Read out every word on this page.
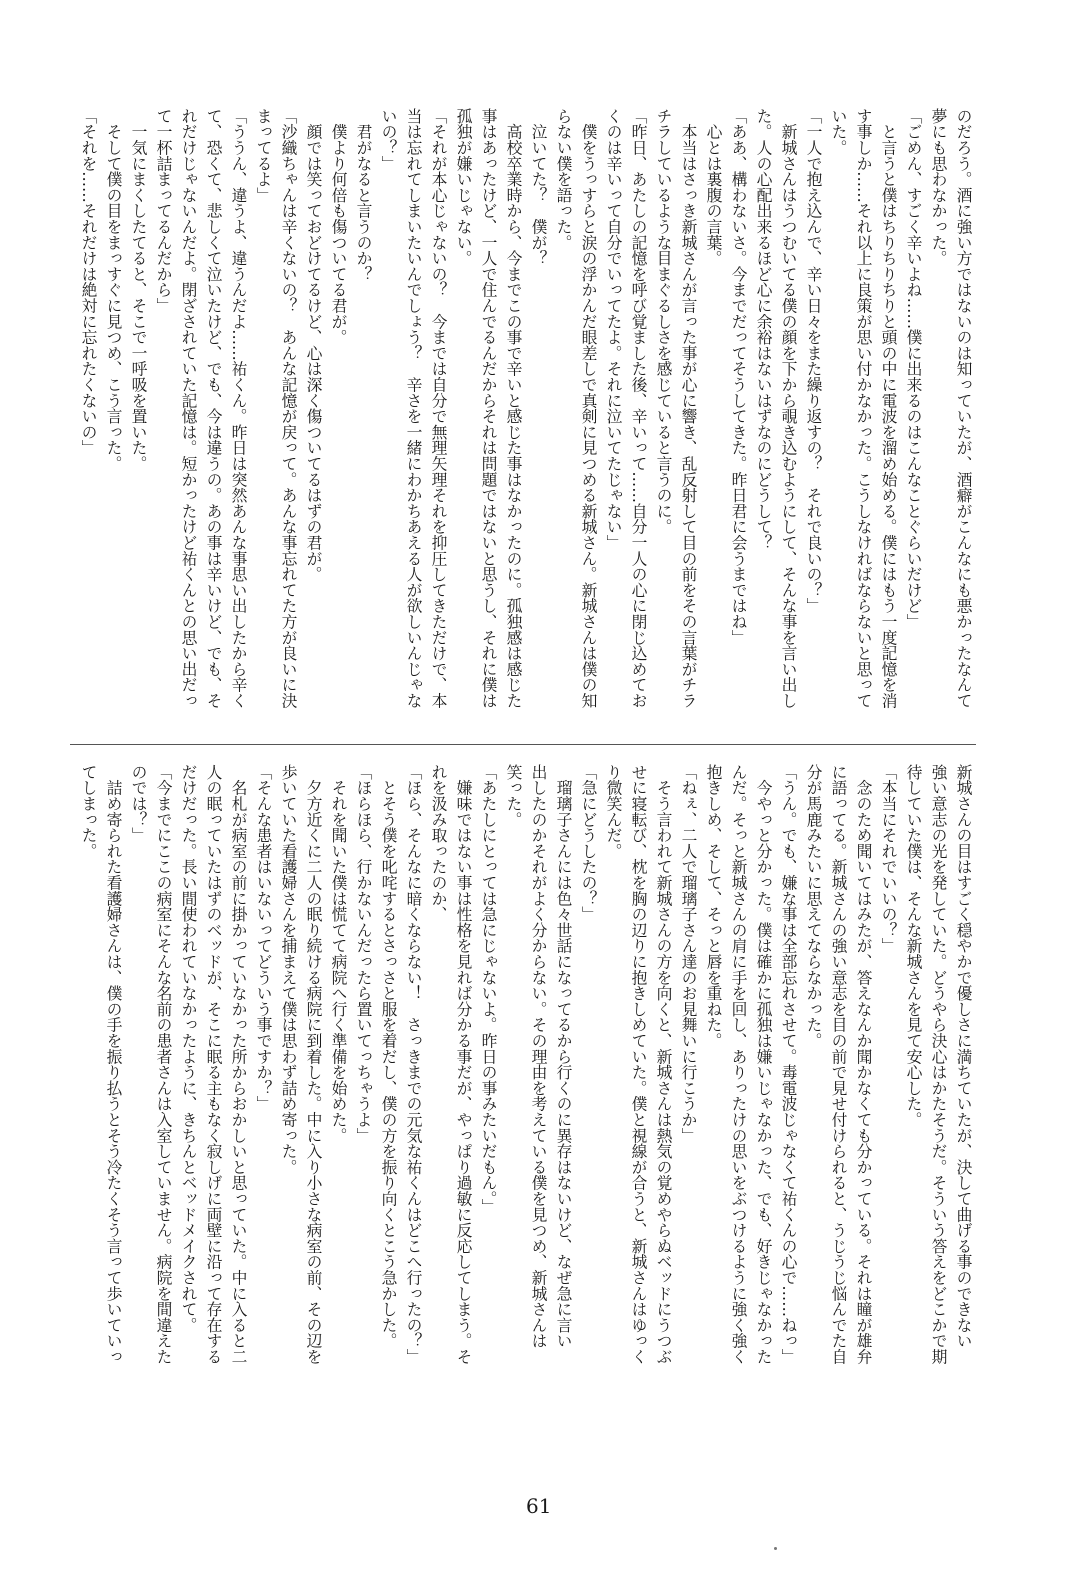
のだろう。酒に強い方ではないのは知っていたが、酒癖がこんなにも悪かったなんて
夢にも思わなかった。
「ごめん、すごく辛いよね……僕に出来るのはこんなことぐらいだけど」
　と言うと僕はちりちりちりと頭の中に電波を溜め始める。僕にはもう一度記憶を消
す事しか……それ以上に良策が思い付かなかった。こうしなければならないと思って
いた。
「一人で抱え込んで、辛い日々をまた繰り返すの？　それで良いの？」
　新城さんはうつむいてる僕の顔を下から覗き込むようにして、そんな事を言い出し
た。人の心配出来るほど心に余裕はないはずなのにどうして？
「ああ、構わないさ。今までだってそうしてきた。昨日君に会うまではね」
　心とは裏腹の言葉。
　本当はさっき新城さんが言った事が心に響き、乱反射して目の前をその言葉がチラ
チラしているような目まぐるしさを感じていると言うのに。
「昨日、あたしの記憶を呼び覚ました後、辛いって……自分一人の心に閉じ込めてお
くのは辛いって自分でいってたよ。それに泣いてたじゃない」
　僕をうっすらと涙の浮かんだ眼差しで真剣に見つめる新城さん。新城さんは僕の知
らない僕を語った。
　泣いてた？　僕が？
　高校卒業時から、今までこの事で辛いと感じた事はなかったのに。孤独感は感じた
事はあったけど、一人で住んでるんだからそれは問題ではないと思うし、それに僕は
孤独が嫌いじゃない。
「それが本心じゃないの？　今までは自分で無理矢理それを抑圧してきただけで、本
当は忘れてしまいたいんでしょう？　辛さを一緒にわかちあえる人が欲しいんじゃな
いの？」
　君がなると言うのか？
　僕より何倍も傷ついてる君が。
　顔では笑っておどけてるけど、心は深く傷ついてるはずの君が。
「沙織ちゃんは辛くないの？　あんな記憶が戻って。あんな事忘れてた方が良いに決
まってるよ」
「ううん、違うよ、違うんだよ……祐くん。昨日は突然あんな事思い出したから辛く
て、恐くて、悲しくて泣いたけど、でも、今は違うの。あの事は辛いけど、でも、そ
れだけじゃないんだよ。閉ざされていた記憶は。短かったけど祐くんとの思い出だっ
て一杯詰まってるんだから」
　一気にまくしたてると、そこで一呼吸を置いた。
　そして僕の目をまっすぐに見つめ、こう言った。
「それを……それだけは絶対に忘れたくないの」
新城さんの目はすごく穏やかで優しさに満ちていたが、決して曲げる事のできない
強い意志の光を発していた。どうやら決心はかたそうだ。そういう答えをどこかで期
待していた僕は、そんな新城さんを見て安心した。
「本当にそれでいいの？」
　念のため聞いてはみたが、答えなんか聞かなくても分かっている。それは瞳が雄弁
に語ってる。新城さんの強い意志を目の前で見せ付けられると、うじうじ悩んでた自
分が馬鹿みたいに思えてならなかった。
「うん。でも、嫌な事は全部忘れさせて。毒電波じゃなくて祐くんの心で……ねっ」
　今やっと分かった。僕は確かに孤独は嫌いじゃなかった、でも、好きじゃなかった
んだ。そっと新城さんの肩に手を回し、ありったけの思いをぶつけるように強く強く
抱きしめ、そして、そっと唇を重ねた。
「ねぇ、二人で瑠璃子さん達のお見舞いに行こうか」
　そう言われて新城さんの方を向くと、新城さんは熱気の覚めやらぬベッドにうつぶ
せに寝転び、枕を胸の辺りに抱きしめていた。僕と視線が合うと、新城さんはゆっく
り微笑んだ。
「急にどうしたの？」
　瑠璃子さんには色々世話になってるから行くのに異存はないけど、なぜ急に言い
出したのかそれがよく分からない。その理由を考えている僕を見つめ、新城さんは
笑った。
「あたしにとっては急にじゃないよ。昨日の事みたいだもん。」
　嫌味ではない事は性格を見れば分かる事だが、やっぱり過敏に反応してしまう。そ
れを汲み取ったのか、
「ほら、そんなに暗くならない！　さっきまでの元気な祐くんはどこへ行ったの？」
　とそう僕を叱咤するとさっさと服を着だし、僕の方を振り向くとこう急かした。
「ほらほら、行かないんだったら置いてっちゃうよ」
　それを聞いた僕は慌てて病院へ行く準備を始めた。
　夕方近くに二人の眠り続ける病院に到着した。中に入り小さな病室の前、その辺を
歩いていた看護婦さんを捕まえて僕は思わず詰め寄った。
「そんな患者はいないってどういう事ですか？」
　名札が病室の前に掛かっていなかった所からおかしいと思っていた。中に入ると二
人の眠っていたはずのベッドが、そこに眠る主もなく寂しげに両壁に沿って存在する
だけだった。長い間使われていなかったように、きちんとベッドメイクされて。
「今までにここの病室にそんな名前の患者さんは入室していません。病院を間違えた
のでは？」
　詰め寄られた看護婦さんは、僕の手を振り払うとそう冷たくそう言って歩いていっ
てしまった。
61
